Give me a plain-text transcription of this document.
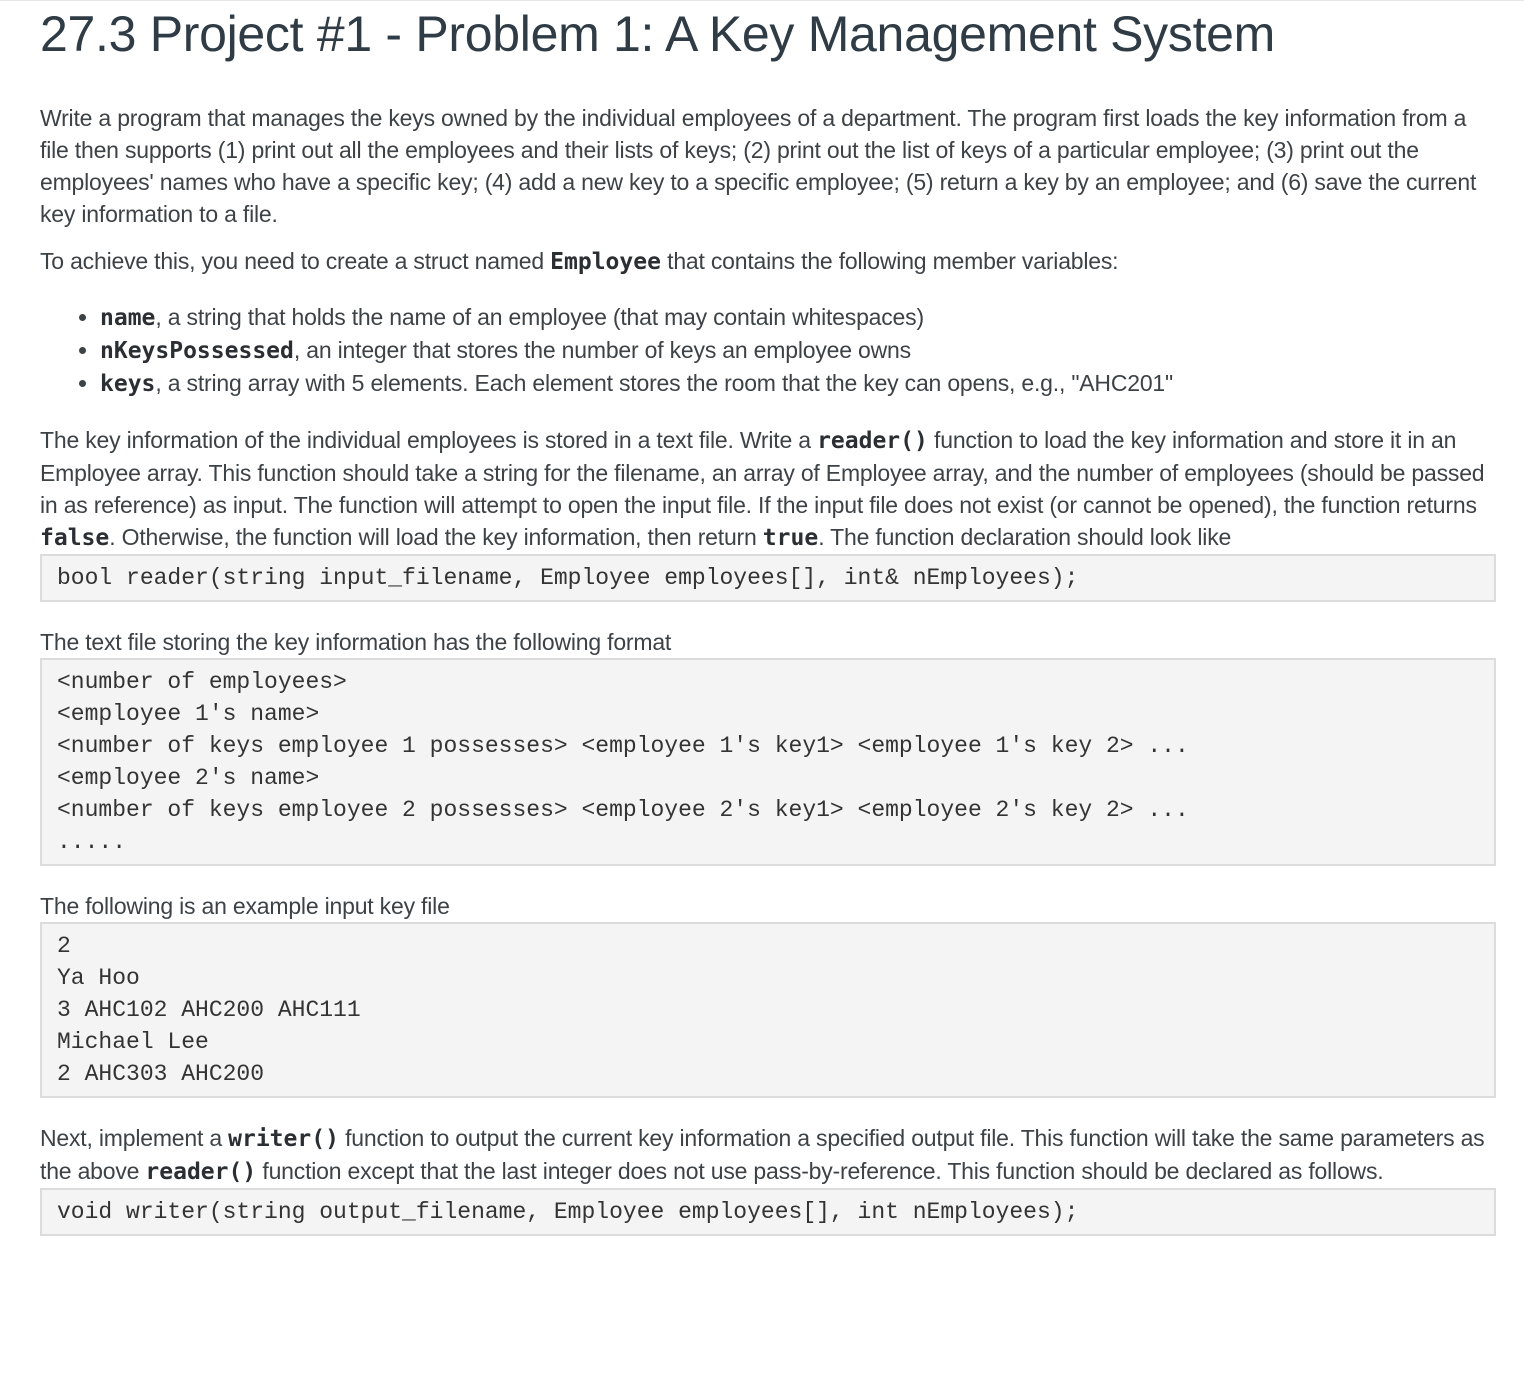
27.3 Project #1 - Problem 1: A Key Management System

Write a program that manages the keys owned by the individual employees of a department. The program first loads the key information from a file then supports (1) print out all the employees and their lists of keys; (2) print out the list of keys of a particular employee; (3) print out the employees' names who have a specific key; (4) add a new key to a specific employee; (5) return a key by an employee; and (6) save the current key information to a file.

To achieve this, you need to create a struct named Employee that contains the following member variables:

• name, a string that holds the name of an employee (that may contain whitespaces)
• nKeysPossessed, an integer that stores the number of keys an employee owns
• keys, a string array with 5 elements. Each element stores the room that the key can opens, e.g., "AHC201"

The key information of the individual employees is stored in a text file. Write a reader() function to load the key information and store it in an Employee array. This function should take a string for the filename, an array of Employee array, and the number of employees (should be passed in as reference) as input. The function will attempt to open the input file. If the input file does not exist (or cannot be opened), the function returns false. Otherwise, the function will load the key information, then return true. The function declaration should look like

bool reader(string input_filename, Employee employees[], int& nEmployees);

The text file storing the key information has the following format

<number of employees>
<employee 1's name>
<number of keys employee 1 possesses> <employee 1's key1> <employee 1's key 2> ...
<employee 2's name>
<number of keys employee 2 possesses> <employee 2's key1> <employee 2's key 2> ...
.....

The following is an example input key file

2
Ya Hoo
3 AHC102 AHC200 AHC111
Michael Lee
2 AHC303 AHC200

Next, implement a writer() function to output the current key information a specified output file. This function will take the same parameters as the above reader() function except that the last integer does not use pass-by-reference. This function should be declared as follows.

void writer(string output_filename, Employee employees[], int nEmployees);
